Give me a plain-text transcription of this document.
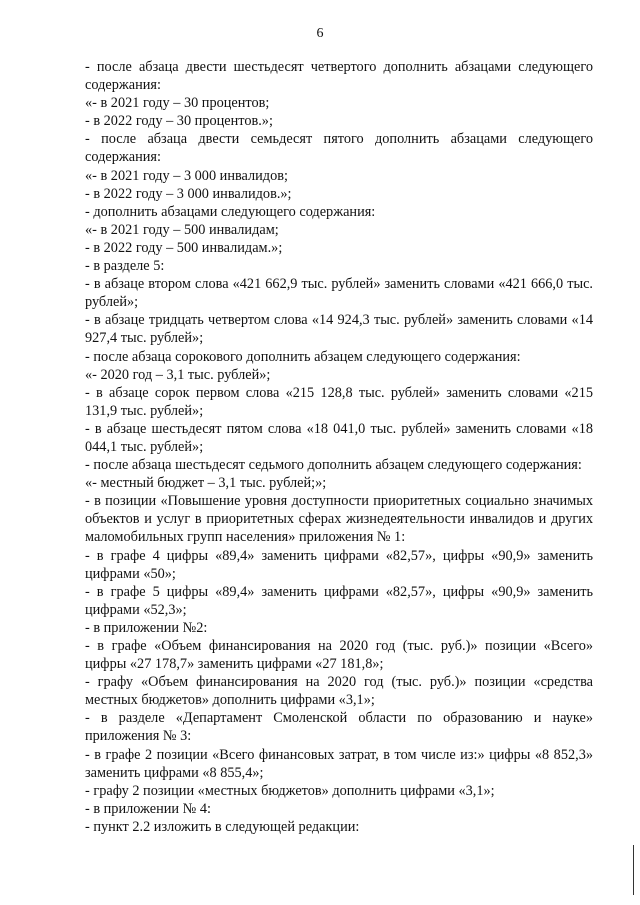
6
- после абзаца двести шестьдесят четвертого дополнить абзацами следующего содержания:
«- в 2021 году – 30 процентов;
- в 2022 году – 30 процентов.»;
- после абзаца двести семьдесят пятого дополнить абзацами следующего содержания:
«- в 2021 году – 3 000 инвалидов;
- в 2022 году – 3 000 инвалидов.»;
- дополнить абзацами следующего содержания:
«- в 2021 году – 500 инвалидам;
- в 2022 году – 500 инвалидам.»;
- в разделе 5:
- в абзаце втором слова «421 662,9 тыс. рублей» заменить словами «421 666,0 тыс. рублей»;
- в абзаце тридцать четвертом слова «14 924,3 тыс. рублей» заменить словами «14 927,4 тыс. рублей»;
- после абзаца сорокового дополнить абзацем следующего содержания:
«- 2020 год – 3,1 тыс. рублей»;
- в абзаце сорок первом слова «215 128,8 тыс. рублей» заменить словами «215 131,9 тыс. рублей»;
- в абзаце шестьдесят пятом слова «18 041,0 тыс. рублей» заменить словами «18 044,1 тыс. рублей»;
- после абзаца шестьдесят седьмого дополнить абзацем следующего содержания:
«- местный бюджет – 3,1 тыс. рублей;»;
- в позиции «Повышение уровня доступности приоритетных социально значимых объектов и услуг в приоритетных сферах жизнедеятельности инвалидов и других маломобильных групп населения» приложения № 1:
- в графе 4 цифры «89,4» заменить цифрами «82,57», цифры «90,9» заменить цифрами «50»;
- в графе 5 цифры «89,4» заменить цифрами «82,57», цифры «90,9» заменить цифрами «52,3»;
- в приложении №2:
- в графе «Объем финансирования на 2020 год (тыс. руб.)» позиции «Всего» цифры «27 178,7» заменить цифрами «27 181,8»;
- графу «Объем финансирования на 2020 год (тыс. руб.)» позиции «средства местных бюджетов» дополнить цифрами «3,1»;
- в разделе «Департамент Смоленской области по образованию и науке» приложения № 3:
- в графе 2 позиции «Всего финансовых затрат, в том числе из:» цифры «8 852,3» заменить цифрами «8 855,4»;
- графу 2 позиции «местных бюджетов» дополнить цифрами «3,1»;
- в приложении № 4:
- пункт 2.2 изложить в следующей редакции:
